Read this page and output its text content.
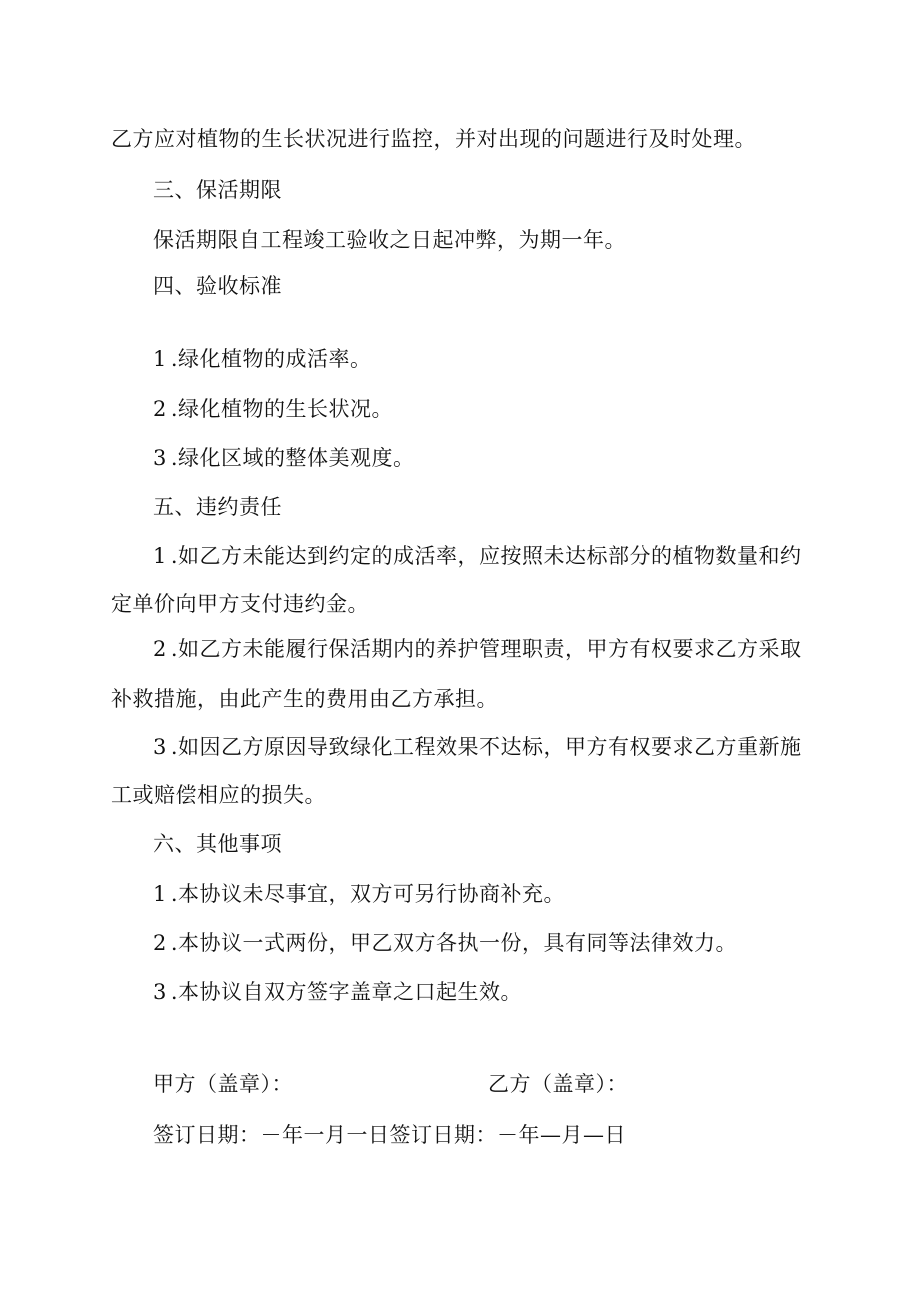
乙方应对植物的生长状况进行监控，并对出现的问题进行及时处理。
三、保活期限
保活期限自工程竣工验收之日起冲弊，为期一年。
四、验收标准
1 .绿化植物的成活率。
2 .绿化植物的生长状况。
3 .绿化区域的整体美观度。
五、违约责任
1 .如乙方未能达到约定的成活率，应按照未达标部分的植物数量和约
定单价向甲方支付违约金。
2 .如乙方未能履行保活期内的养护管理职责，甲方有权要求乙方采取
补救措施，由此产生的费用由乙方承担。
3 .如因乙方原因导致绿化工程效果不达标，甲方有权要求乙方重新施
工或赔偿相应的损失。
六、其他事项
1 .本协议未尽事宜，双方可另行协商补充。
2 .本协议一式两份，甲乙双方各执一份，具有同等法律效力。
3 .本协议自双方签字盖章之口起生效。
甲方（盖章）：	乙方（盖章）：
签订日期：－年一月一日签订日期：－年—月—日
